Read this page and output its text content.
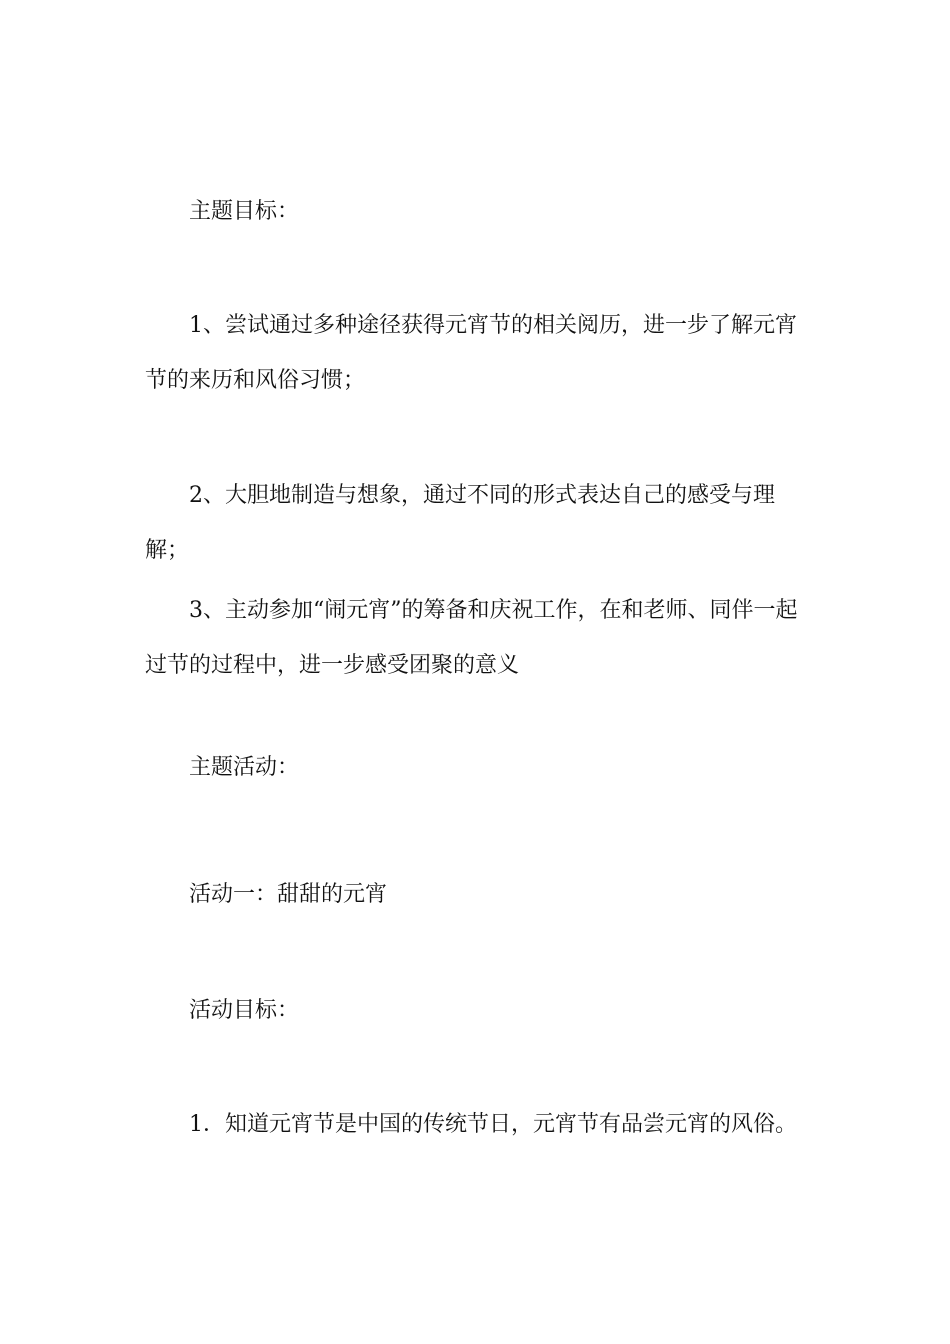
主题目标：

1、尝试通过多种途径获得元宵节的相关阅历，进一步了解元宵节的来历和风俗习惯；

2、大胆地制造与想象，通过不同的形式表达自己的感受与理解；

3、主动参加“闹元宵”的筹备和庆祝工作，在和老师、同伴一起过节的过程中，进一步感受团聚的意义

主题活动：

活动一：甜甜的元宵

活动目标：

1．知道元宵节是中国的传统节日，元宵节有品尝元宵的风俗。
